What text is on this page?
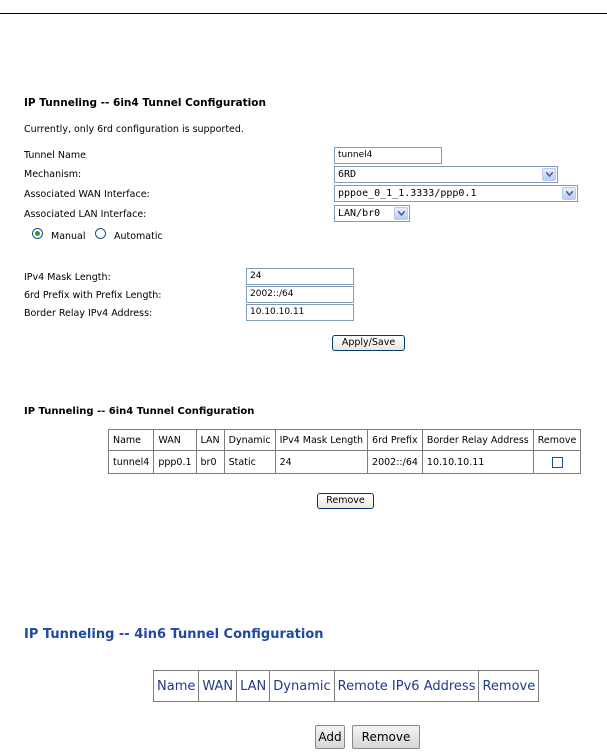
IP Tunneling -- 6in4 Tunnel Configuration
Currently, only 6rd configuration is supported.
Tunnel Name	tunnel4
Mechanism:	6RD
Associated WAN Interface:	pppoe_0_1_1.3333/ppp0.1
Associated LAN Interface:	LAN/br0
Manual	Automatic
IPv4 Mask Length:	24
6rd Prefix with Prefix Length:	2002::/64
Border Relay IPv4 Address:	10.10.10.11
Apply/Save
IP Tunneling -- 6in4 Tunnel Configuration
Name	WAN	LAN	Dynamic	IPv4 Mask Length	6rd Prefix	Border Relay Address	Remove
tunnel4	ppp0.1	br0	Static	24	2002::/64	10.10.10.11	
Remove
IP Tunneling -- 4in6 Tunnel Configuration
Name	WAN	LAN	Dynamic	Remote IPv6 Address	Remove
Add	Remove
